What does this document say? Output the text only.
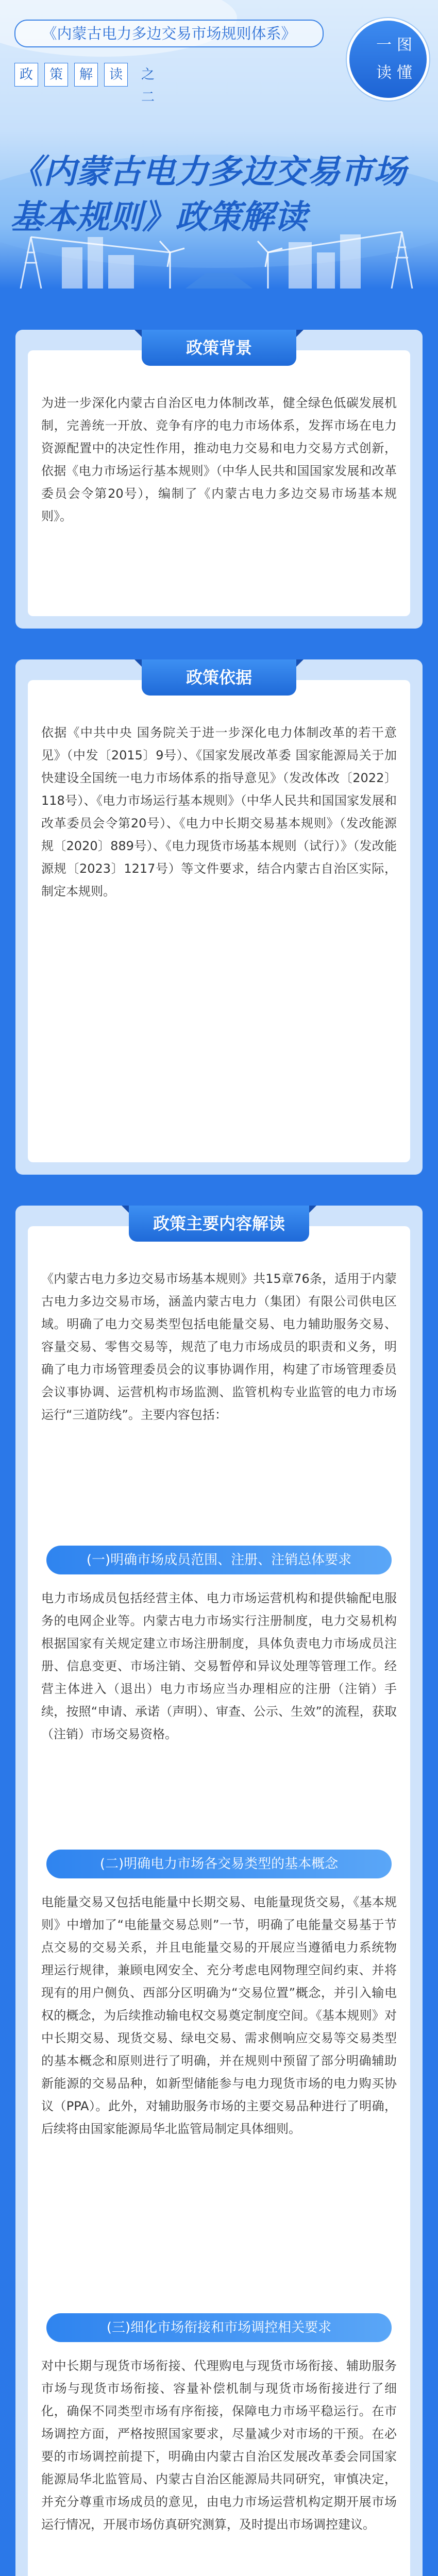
《内蒙古电力多边交易市场规则体系》
政	策	解	读	之二
一图
读懂
《内蒙古电力多边交易市场基本规则》政策解读
政策背景

为进一步深化内蒙古自治区电力体制改革，健全绿色低碳发展机制，完善统一开放、竞争有序的电力市场体系，发挥市场在电力资源配置中的决定性作用，推动电力交易和电力交易方式创新，依据《电力市场运行基本规则》（中华人民共和国国家发展和改革委员会令第20号），编制了《内蒙古电力多边交易市场基本规则》。

政策依据

依据《中共中央 国务院关于进一步深化电力体制改革的若干意见》（中发〔2015〕9号）、《国家发展改革委 国家能源局关于加快建设全国统一电力市场体系的指导意见》（发改体改〔2022〕118号）、《电力市场运行基本规则》（中华人民共和国国家发展和改革委员会令第20号）、《电力中长期交易基本规则》（发改能源规〔2020〕889号）、《电力现货市场基本规则（试行）》（发改能源规〔2023〕1217号）等文件要求，结合内蒙古自治区实际，制定本规则。

政策主要内容解读

《内蒙古电力多边交易市场基本规则》共15章76条，适用于内蒙古电力多边交易市场，涵盖内蒙古电力（集团）有限公司供电区域。明确了电力交易类型包括电能量交易、电力辅助服务交易、容量交易、零售交易等，规范了电力市场成员的职责和义务，明确了电力市场管理委员会的议事协调作用，构建了市场管理委员会议事协调、运营机构市场监测、监管机构专业监管的电力市场运行“三道防线”。主要内容包括：

(一)明确市场成员范围、注册、注销总体要求

电力市场成员包括经营主体、电力市场运营机构和提供输配电服务的电网企业等。内蒙古电力市场实行注册制度，电力交易机构根据国家有关规定建立市场注册制度，具体负责电力市场成员注册、信息变更、市场注销、交易暂停和异议处理等管理工作。经营主体进入（退出）电力市场应当办理相应的注册（注销）手续，按照“申请、承诺（声明）、审查、公示、生效”的流程，获取（注销）市场交易资格。

(二)明确电力市场各交易类型的基本概念

电能量交易又包括电能量中长期交易、电能量现货交易，《基本规则》中增加了“电能量交易总则”一节，明确了电能量交易基于节点交易的交易关系，并且电能量交易的开展应当遵循电力系统物理运行规律，兼顾电网安全、充分考虑电网物理空间约束、并将现有的用户侧负、西部分区明确为“交易位置”概念，并引入输电权的概念，为后续推动输电权交易奠定制度空间。《基本规则》对中长期交易、现货交易、绿电交易、需求侧响应交易等交易类型的基本概念和原则进行了明确，并在规则中预留了部分明确辅助新能源的交易品种，如新型储能参与电力现货市场的电力购买协议（PPA）。此外，对辅助服务市场的主要交易品种进行了明确，后续将由国家能源局华北监管局制定具体细则。

(三)细化市场衔接和市场调控相关要求

对中长期与现货市场衔接、代理购电与现货市场衔接、辅助服务市场与现货市场衔接、容量补偿机制与现货市场衔接进行了细化，确保不同类型市场有序衔接，保障电力市场平稳运行。在市场调控方面，严格按照国家要求，尽量减少对市场的干预。在必要的市场调控前提下，明确由内蒙古自治区发展改革委会同国家能源局华北监管局、内蒙古自治区能源局共同研究，审慎决定，并充分尊重市场成员的意见，由电力市场运营机构定期开展市场运行情况，开展市场仿真研究测算，及时提出市场调控建议。
